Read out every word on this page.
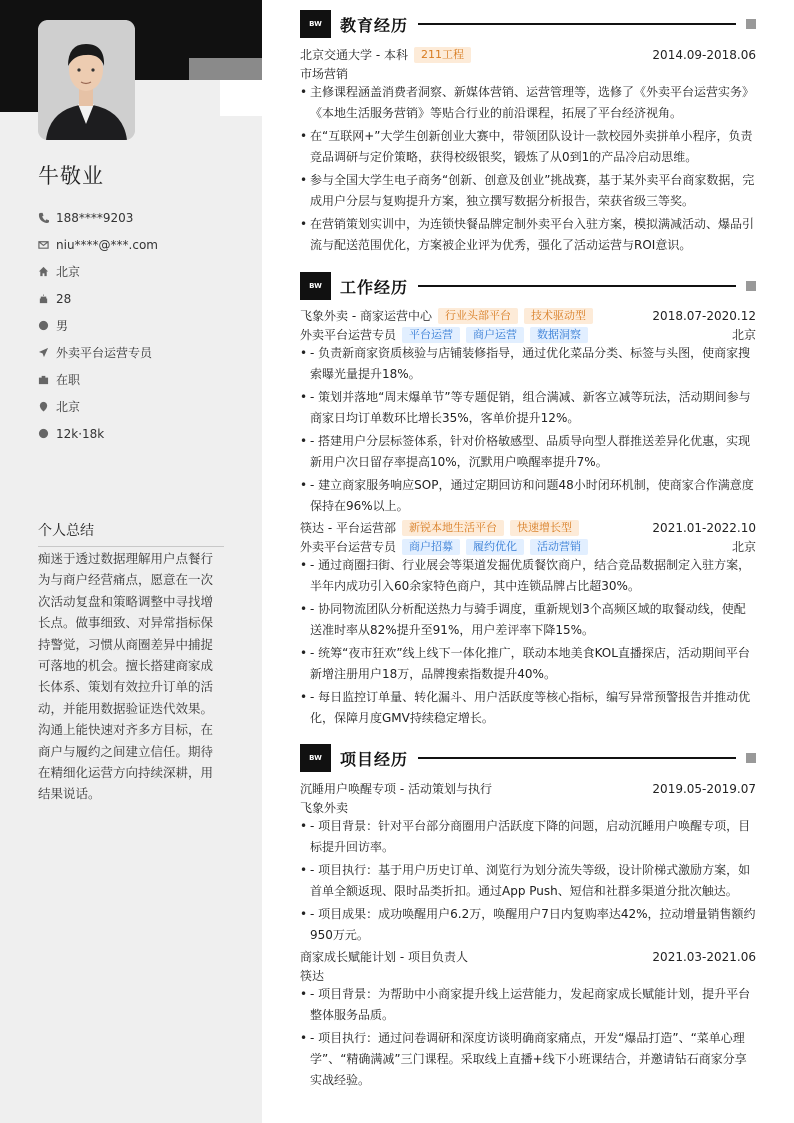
牛敬业
188****9203
niu****@***.com
北京
28
男
外卖平台运营专员
在职
北京
12k·18k
个人总结
痴迷于透过数据理解用户点餐行为与商户经营痛点，愿意在一次次活动复盘和策略调整中寻找增长点。做事细致、对异常指标保持警觉，习惯从商圈差异中捕捉可落地的机会。擅长搭建商家成长体系、策划有效拉升订单的活动，并能用数据验证迭代效果。沟通上能快速对齐多方目标，在商户与履约之间建立信任。期待在精细化运营方向持续深耕，用结果说话。
BW	教育经历
北京交通大学 - 本科	211工程	2014.09-2018.06
市场营销
• 主修课程涵盖消费者洞察、新媒体营销、运营管理等，选修了《外卖平台运营实务》《本地生活服务营销》等贴合行业的前沿课程，拓展了平台经济视角。
• 在“互联网+”大学生创新创业大赛中，带领团队设计一款校园外卖拼单小程序，负责竞品调研与定价策略，获得校级银奖，锻炼了从0到1的产品冷启动思维。
• 参与全国大学生电子商务“创新、创意及创业”挑战赛，基于某外卖平台商家数据，完成用户分层与复购提升方案，独立撰写数据分析报告，荣获省级三等奖。
• 在营销策划实训中，为连锁快餐品牌定制外卖平台入驻方案，模拟满减活动、爆品引流与配送范围优化，方案被企业评为优秀，强化了活动运营与ROI意识。
BW	工作经历
飞象外卖 - 商家运营中心	行业头部平台	技术驱动型	2018.07-2020.12
外卖平台运营专员	平台运营	商户运营	数据洞察	北京
• - 负责新商家资质核验与店铺装修指导，通过优化菜品分类、标签与头图，使商家搜索曝光量提升18%。
• - 策划并落地“周末爆单节”等专题促销，组合满减、新客立减等玩法，活动期间参与商家日均订单数环比增长35%，客单价提升12%。
• - 搭建用户分层标签体系，针对价格敏感型、品质导向型人群推送差异化优惠，实现新用户次日留存率提高10%，沉默用户唤醒率提升7%。
• - 建立商家服务响应SOP，通过定期回访和问题48小时闭环机制，使商家合作满意度保持在96%以上。
筷达 - 平台运营部	新锐本地生活平台	快速增长型	2021.01-2022.10
外卖平台运营专员	商户招募	履约优化	活动营销	北京
• - 通过商圈扫街、行业展会等渠道发掘优质餐饮商户，结合竞品数据制定入驻方案，半年内成功引入60余家特色商户，其中连锁品牌占比超30%。
• - 协同物流团队分析配送热力与骑手调度，重新规划3个高频区域的取餐动线，使配送准时率从82%提升至91%，用户差评率下降15%。
• - 统筹“夜市狂欢”线上线下一体化推广，联动本地美食KOL直播探店，活动期间平台新增注册用户18万，品牌搜索指数提升40%。
• - 每日监控订单量、转化漏斗、用户活跃度等核心指标，编写异常预警报告并推动优化，保障月度GMV持续稳定增长。
BW	项目经历
沉睡用户唤醒专项 - 活动策划与执行	2019.05-2019.07
飞象外卖
• - 项目背景：针对平台部分商圈用户活跃度下降的问题，启动沉睡用户唤醒专项，目标提升回访率。
• - 项目执行：基于用户历史订单、浏览行为划分流失等级，设计阶梯式激励方案，如首单全额返现、限时品类折扣。通过App Push、短信和社群多渠道分批次触达。
• - 项目成果：成功唤醒用户6.2万，唤醒用户7日内复购率达42%，拉动增量销售额约950万元。
商家成长赋能计划 - 项目负责人	2021.03-2021.06
筷达
• - 项目背景：为帮助中小商家提升线上运营能力，发起商家成长赋能计划，提升平台整体服务品质。
• - 项目执行：通过问卷调研和深度访谈明确商家痛点，开发“爆品打造”、“菜单心理学”、“精确满减”三门课程。采取线上直播+线下小班课结合，并邀请钻石商家分享实战经验。
